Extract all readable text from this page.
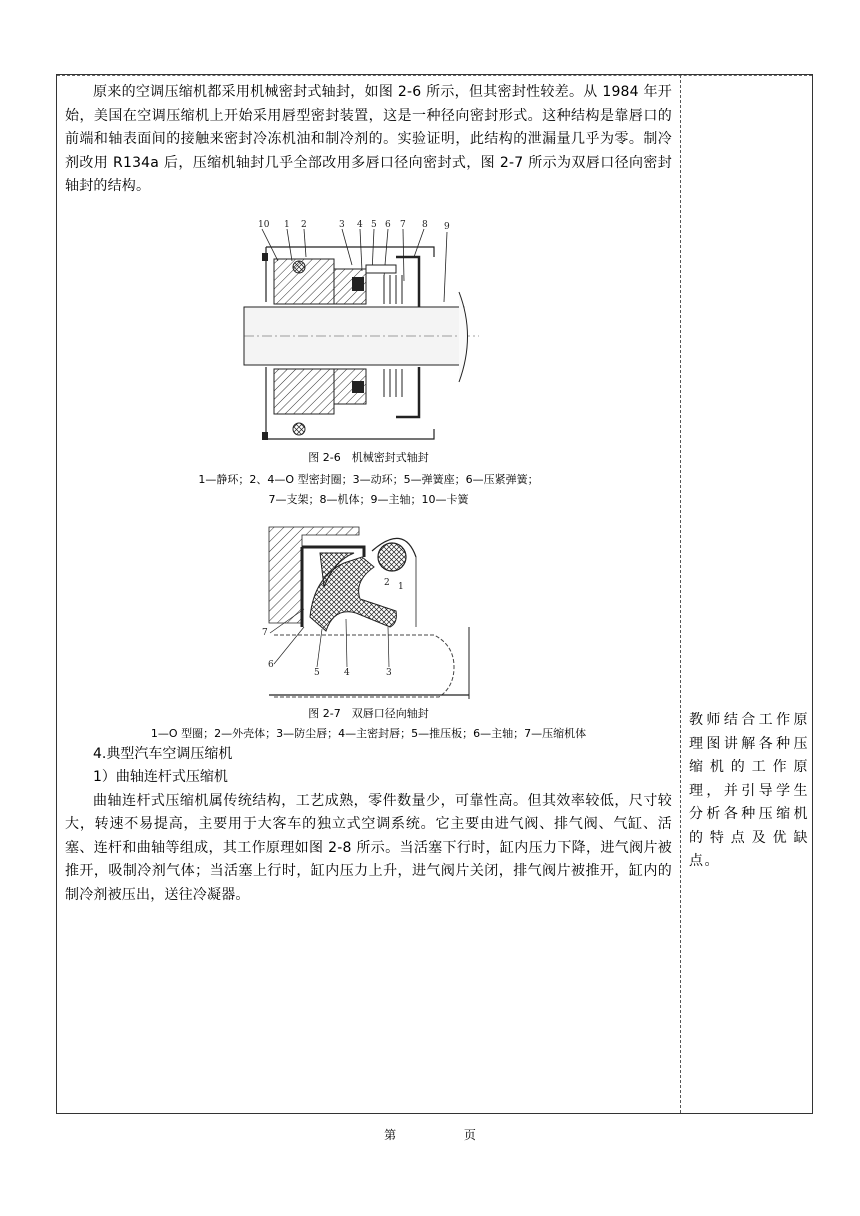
原来的空调压缩机都采用机械密封式轴封，如图 2-6 所示，但其密封性较差。从 1984 年开始，美国在空调压缩机上开始采用唇型密封装置，这是一种径向密封形式。这种结构是靠唇口的前端和轴表面间的接触来密封冷冻机油和制冷剂的。实验证明，此结构的泄漏量几乎为零。制冷剂改用 R134a 后，压缩机轴封几乎全部改用多唇口径向密封式，图 2-7 所示为双唇口径向密封轴封的结构。

10 1 2	3 4 5 6 7 8 9

图 2-6　机械密封式轴封

1—静环；2、4—O 型密封圈；3—动环；5—弹簧座；6—压紧弹簧；

7—支架；8—机体；9—主轴；10—卡簧

7
6
5	4	3
2 1

图 2-7　双唇口径向轴封

1—O 型圈；2—外壳体；3—防尘唇；4—主密封唇；5—推压板；6—主轴；7—压缩机体

4.典型汽车空调压缩机

1）曲轴连杆式压缩机

曲轴连杆式压缩机属传统结构，工艺成熟，零件数量少，可靠性高。但其效率较低，尺寸较大，转速不易提高，主要用于大客车的独立式空调系统。它主要由进气阀、排气阀、气缸、活塞、连杆和曲轴等组成，其工作原理如图 2-8 所示。当活塞下行时，缸内压力下降，进气阀片被推开，吸制冷剂气体；当活塞上行时，缸内压力上升，进气阀片关闭，排气阀片被推开，缸内的制冷剂被压出，送往冷凝器。

教师结合工作原理图讲解各种压缩机的工作原理，并引导学生分析各种压缩机的特点及优缺点。
第	页
